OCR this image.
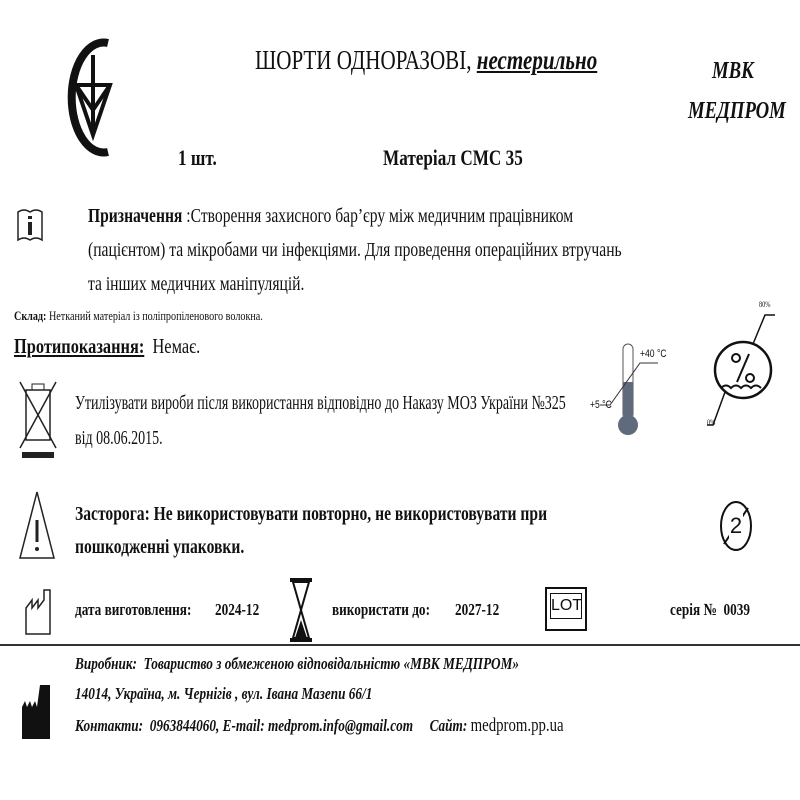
ШОРТИ ОДНОРАЗОВІ, нестерильно	МВК
МЕДПРОМ
1 шт.	Матеріал СМС 35
Призначення :Створення захисного бар’єру між медичним працівником
(пацієнтом) та мікробами чи інфекціями. Для проведення операційних втручань
та інших медичних маніпуляцій.
Склад: Нетканий матеріал із поліпропіленового волокна.
Протипоказання: Немає.
Утилізувати вироби після використання відповідно до Наказу МОЗ України №325
від 08.06.2015.
+40 °C
+5 °C
80%
0%
Засторога: Не використовувати повторно, не використовувати при
пошкодженні упаковки.
2
дата виготовлення: 2024-12	використати до: 2027-12	LOT	серія № 0039
Виробник: Товариство з обмеженою відповідальністю «МВК МЕДПРОМ»
14014, Україна, м. Чернігів , вул. Івана Мазепи 66/1
Контакти: 0963844060, E-mail: medprom.info@gmail.com Сайт: medprom.pp.ua
